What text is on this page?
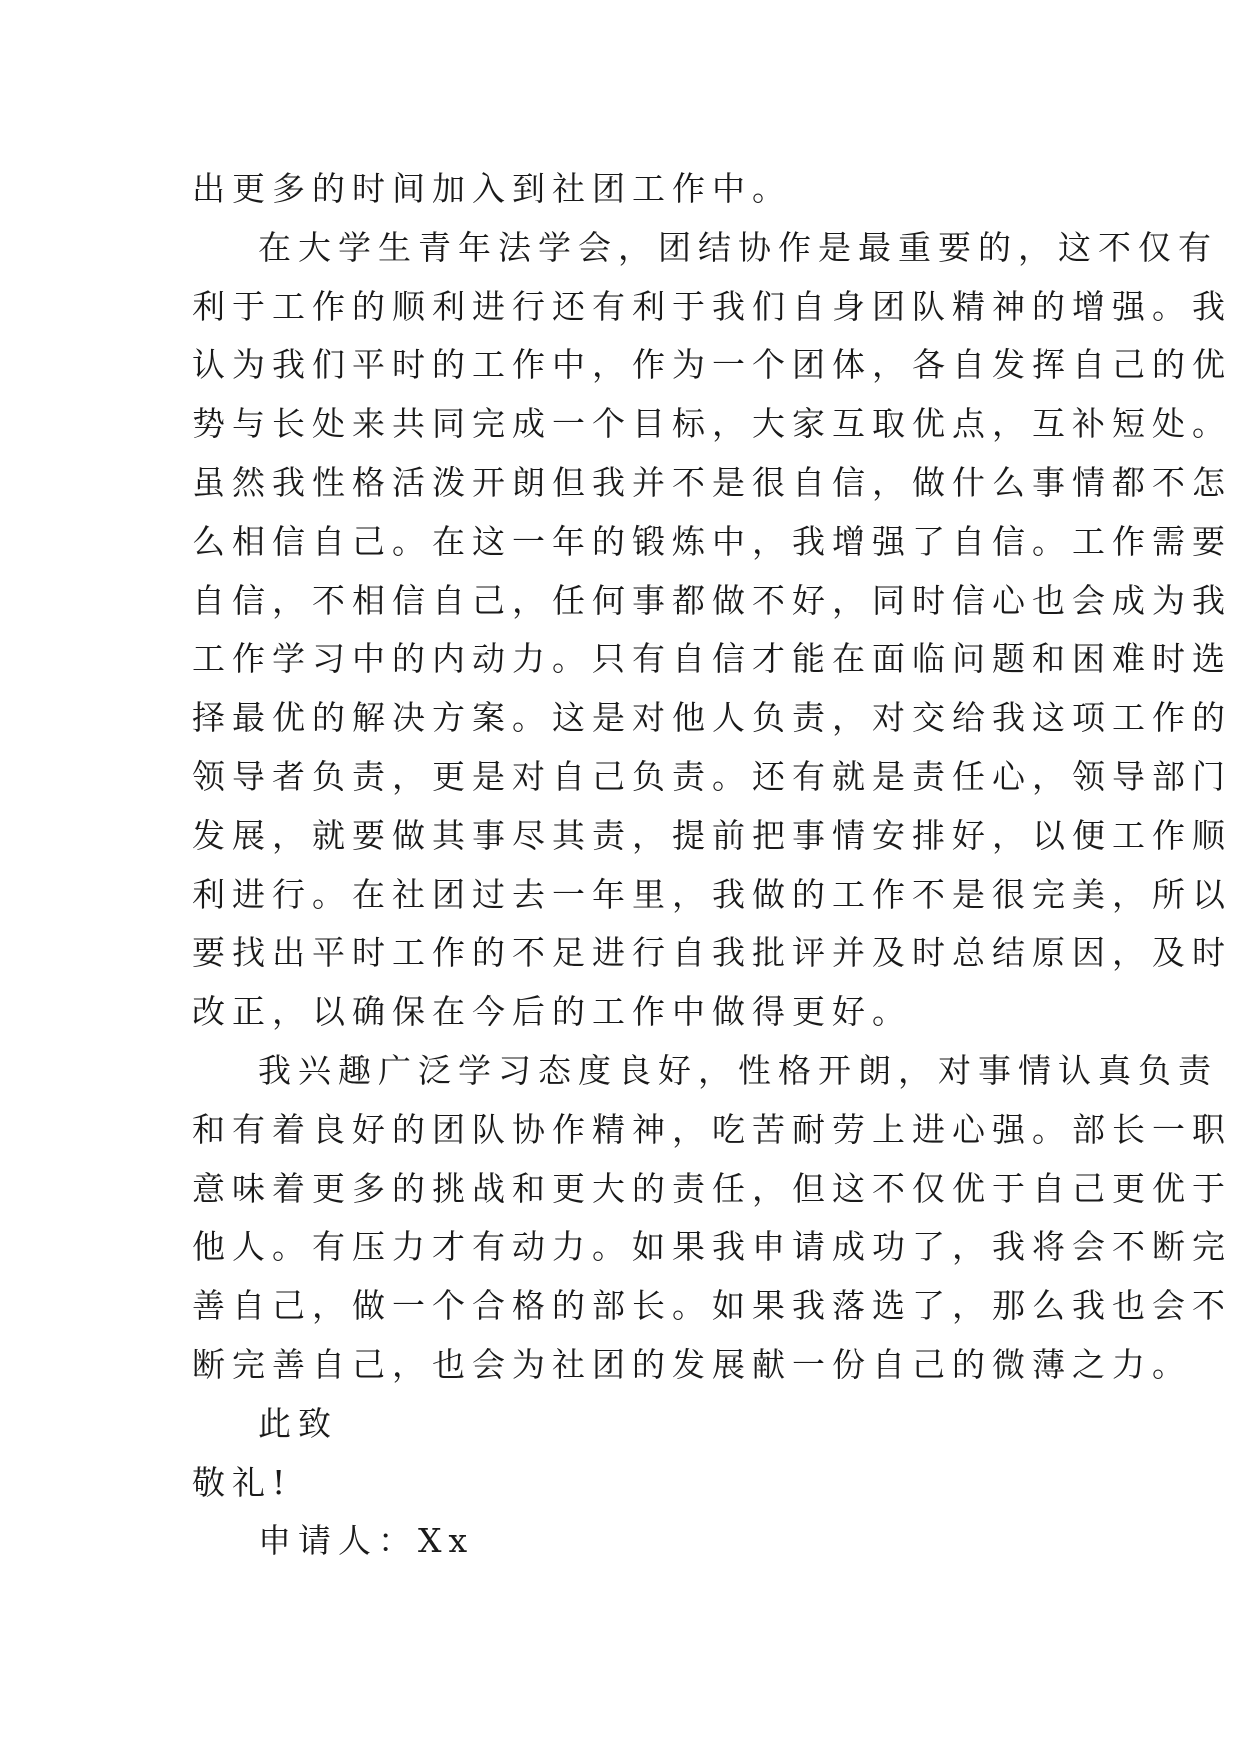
出更多的时间加入到社团工作中。

在大学生青年法学会，团结协作是最重要的，这不仅有

利于工作的顺利进行还有利于我们自身团队精神的增强。我

认为我们平时的工作中，作为一个团体，各自发挥自己的优

势与长处来共同完成一个目标，大家互取优点，互补短处。

虽然我性格活泼开朗但我并不是很自信，做什么事情都不怎

么相信自己。在这一年的锻炼中，我增强了自信。工作需要

自信，不相信自己，任何事都做不好，同时信心也会成为我

工作学习中的内动力。只有自信才能在面临问题和困难时选

择最优的解决方案。这是对他人负责，对交给我这项工作的

领导者负责，更是对自己负责。还有就是责任心，领导部门

发展，就要做其事尽其责，提前把事情安排好，以便工作顺

利进行。在社团过去一年里，我做的工作不是很完美，所以

要找出平时工作的不足进行自我批评并及时总结原因，及时

改正，以确保在今后的工作中做得更好。

我兴趣广泛学习态度良好，性格开朗，对事情认真负责

和有着良好的团队协作精神，吃苦耐劳上进心强。部长一职

意味着更多的挑战和更大的责任，但这不仅优于自己更优于

他人。有压力才有动力。如果我申请成功了，我将会不断完

善自己，做一个合格的部长。如果我落选了，那么我也会不

断完善自己，也会为社团的发展献一份自己的微薄之力。

此致

敬礼!

申请人：Xx
